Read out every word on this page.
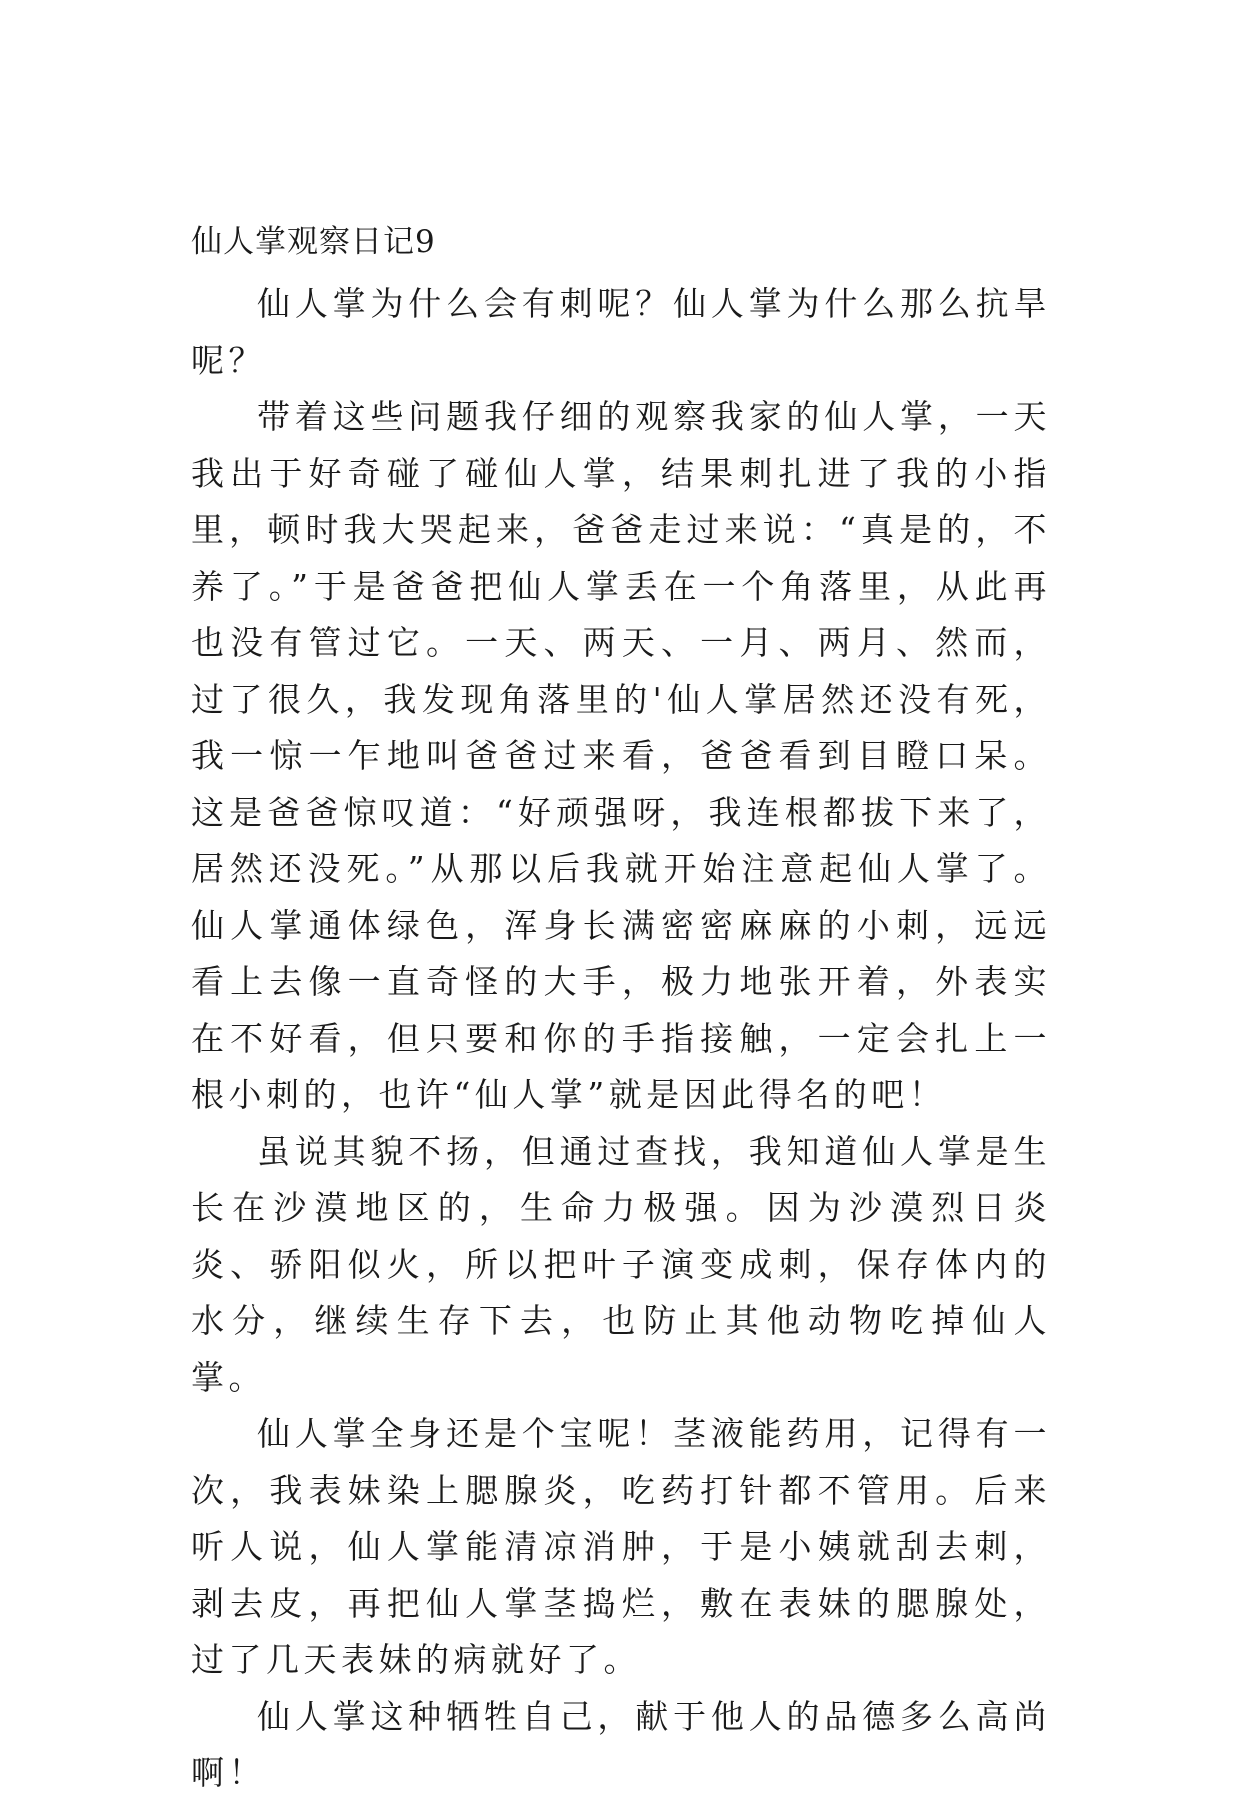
仙人掌观察日记9

仙人掌为什么会有刺呢？仙人掌为什么那么抗旱呢？

带着这些问题我仔细的观察我家的仙人掌，一天我出于好奇碰了碰仙人掌，结果刺扎进了我的小指里，顿时我大哭起来，爸爸走过来说：“真是的，不养了。”于是爸爸把仙人掌丢在一个角落里，从此再也没有管过它。一天、两天、一月、两月、然而，过了很久，我发现角落里的'仙人掌居然还没有死，我一惊一乍地叫爸爸过来看，爸爸看到目瞪口呆。这是爸爸惊叹道：“好顽强呀，我连根都拔下来了，居然还没死。”从那以后我就开始注意起仙人掌了。仙人掌通体绿色，浑身长满密密麻麻的小刺，远远看上去像一直奇怪的大手，极力地张开着，外表实在不好看，但只要和你的手指接触，一定会扎上一根小刺的，也许“仙人掌”就是因此得名的吧！

虽说其貌不扬，但通过查找，我知道仙人掌是生长在沙漠地区的，生命力极强。因为沙漠烈日炎炎、骄阳似火，所以把叶子演变成刺，保存体内的水分，继续生存下去，也防止其他动物吃掉仙人掌。

仙人掌全身还是个宝呢！茎液能药用，记得有一次，我表妹染上腮腺炎，吃药打针都不管用。后来听人说，仙人掌能清凉消肿，于是小姨就刮去刺，剥去皮，再把仙人掌茎捣烂，敷在表妹的腮腺处，过了几天表妹的病就好了。

仙人掌这种牺牲自己，献于他人的品德多么高尚啊！
